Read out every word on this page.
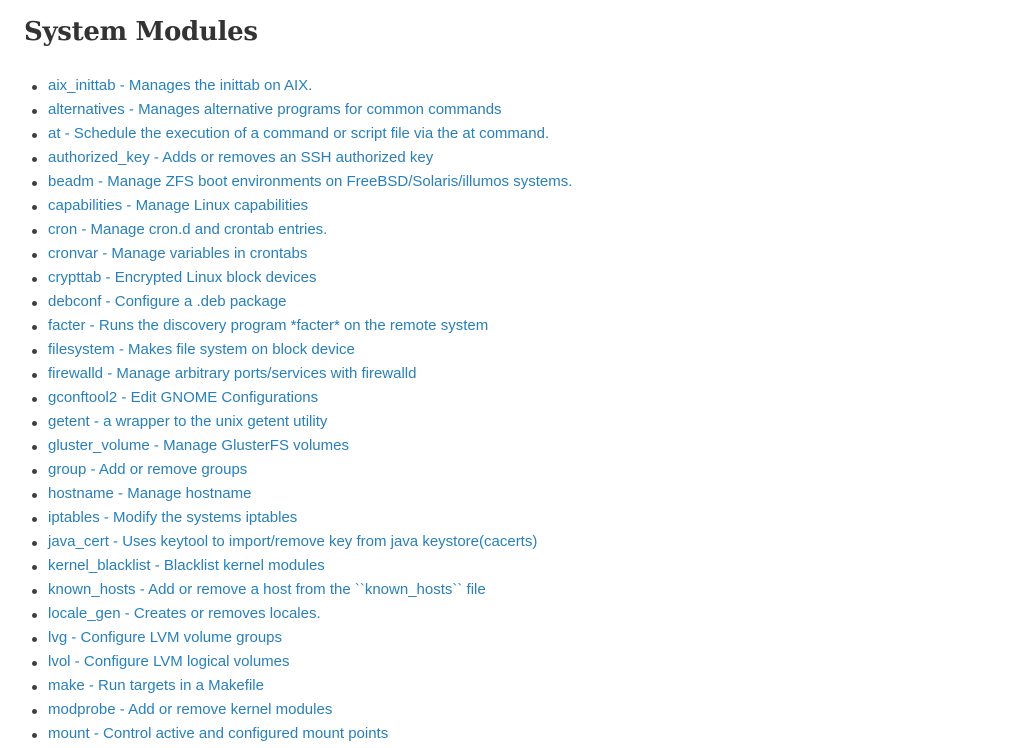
System Modules
aix_inittab - Manages the inittab on AIX.
alternatives - Manages alternative programs for common commands
at - Schedule the execution of a command or script file via the at command.
authorized_key - Adds or removes an SSH authorized key
beadm - Manage ZFS boot environments on FreeBSD/Solaris/illumos systems.
capabilities - Manage Linux capabilities
cron - Manage cron.d and crontab entries.
cronvar - Manage variables in crontabs
crypttab - Encrypted Linux block devices
debconf - Configure a .deb package
facter - Runs the discovery program *facter* on the remote system
filesystem - Makes file system on block device
firewalld - Manage arbitrary ports/services with firewalld
gconftool2 - Edit GNOME Configurations
getent - a wrapper to the unix getent utility
gluster_volume - Manage GlusterFS volumes
group - Add or remove groups
hostname - Manage hostname
iptables - Modify the systems iptables
java_cert - Uses keytool to import/remove key from java keystore(cacerts)
kernel_blacklist - Blacklist kernel modules
known_hosts - Add or remove a host from the ``known_hosts`` file
locale_gen - Creates or removes locales.
lvg - Configure LVM volume groups
lvol - Configure LVM logical volumes
make - Run targets in a Makefile
modprobe - Add or remove kernel modules
mount - Control active and configured mount points
